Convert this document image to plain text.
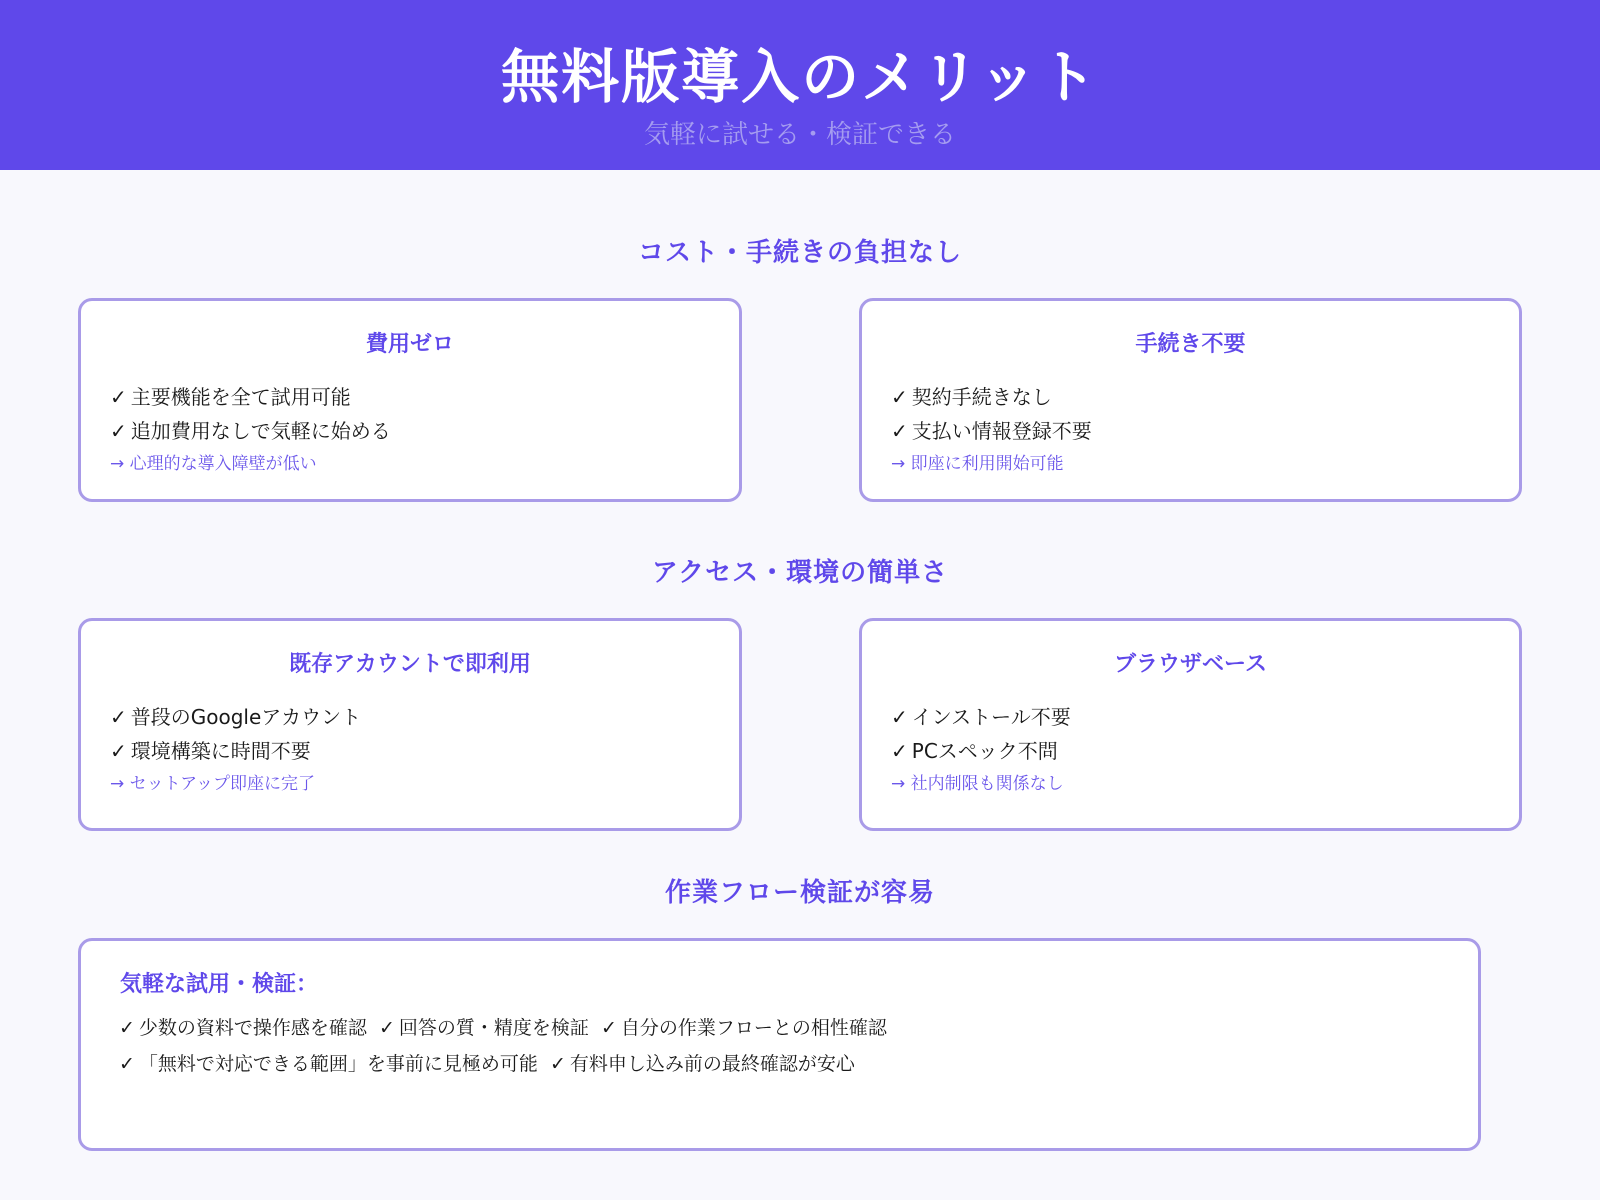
無料版導入のメリット
気軽に試せる・検証できる
コスト・手続きの負担なし
費用ゼロ
✓ 主要機能を全て試用可能
✓ 追加費用なしで気軽に始める
→ 心理的な導入障壁が低い
手続き不要
✓ 契約手続きなし
✓ 支払い情報登録不要
→ 即座に利用開始可能
アクセス・環境の簡単さ
既存アカウントで即利用
✓ 普段のGoogleアカウント
✓ 環境構築に時間不要
→ セットアップ即座に完了
ブラウザベース
✓ インストール不要
✓ PCスペック不問
→ 社内制限も関係なし
作業フロー検証が容易
気軽な試用・検証：
✓ 少数の資料で操作感を確認 ✓ 回答の質・精度を検証 ✓ 自分の作業フローとの相性確認
✓ 「無料で対応できる範囲」を事前に見極め可能 ✓ 有料申し込み前の最終確認が安心
